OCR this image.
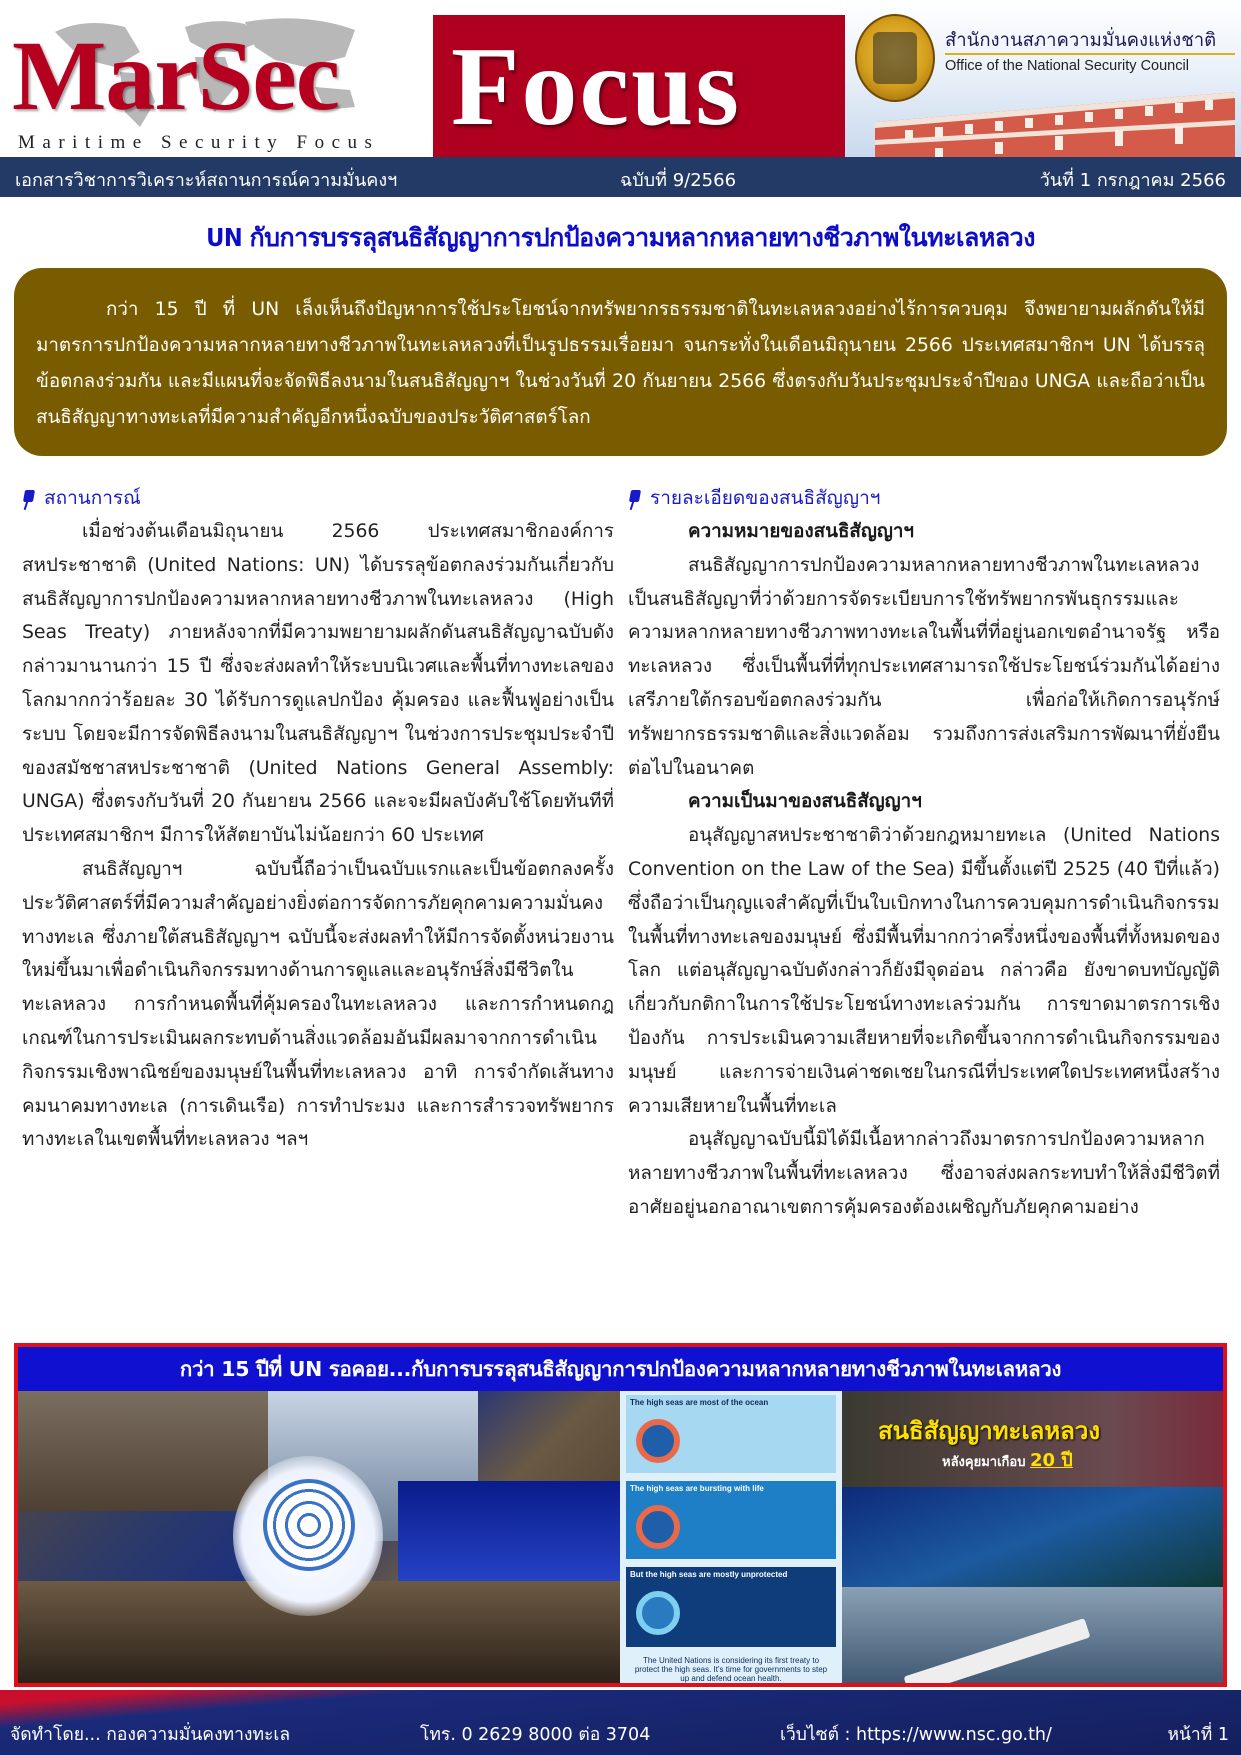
MarSec
Maritime Security Focus Focus	สำนักงานสภาความมั่นคงแห่งชาติ
Office of the National Security Council
เอกสารวิชาการวิเคราะห์สถานการณ์ความมั่นคงฯ	ฉบับที่ 9/2566	วันที่ 1 กรกฎาคม 2566
UN กับการบรรลุสนธิสัญญาการปกป้องความหลากหลายทางชีวภาพในทะเลหลวง

กว่า 15 ปี ที่ UN เล็งเห็นถึงปัญหาการใช้ประโยชน์จากทรัพยากรธรรมชาติในทะเลหลวงอย่างไร้การควบคุม จึงพยายามผลักดันให้มีมาตรการปกป้องความหลากหลายทางชีวภาพในทะเลหลวงที่เป็นรูปธรรมเรื่อยมา จนกระทั่งในเดือนมิถุนายน 2566 ประเทศสมาชิกฯ UN ได้บรรลุข้อตกลงร่วมกัน และมีแผนที่จะจัดพิธีลงนามในสนธิสัญญาฯ ในช่วงวันที่ 20 กันยายน 2566 ซึ่งตรงกับวันประชุมประจำปีของ UNGA และถือว่าเป็นสนธิสัญญาทางทะเลที่มีความสำคัญอีกหนึ่งฉบับของประวัติศาสตร์โลก

สถานการณ์

เมื่อช่วงต้นเดือนมิถุนายน 2566 ประเทศสมาชิกองค์การสหประชาชาติ (United Nations: UN) ได้บรรลุข้อตกลงร่วมกันเกี่ยวกับสนธิสัญญาการปกป้องความหลากหลายทางชีวภาพในทะเลหลวง (High Seas Treaty) ภายหลังจากที่มีความพยายามผลักดันสนธิสัญญาฉบับดังกล่าวมานานกว่า 15 ปี ซึ่งจะส่งผลทำให้ระบบนิเวศและพื้นที่ทางทะเลของโลกมากกว่าร้อยละ 30 ได้รับการดูแลปกป้อง คุ้มครอง และฟื้นฟูอย่างเป็นระบบ โดยจะมีการจัดพิธีลงนามในสนธิสัญญาฯ ในช่วงการประชุมประจำปีของสมัชชาสหประชาชาติ (United Nations General Assembly: UNGA) ซึ่งตรงกับวันที่ 20 กันยายน 2566 และจะมีผลบังคับใช้โดยทันทีที่ประเทศสมาชิกฯ มีการให้สัตยาบันไม่น้อยกว่า 60 ประเทศ

สนธิสัญญาฯ ฉบับนี้ถือว่าเป็นฉบับแรกและเป็นข้อตกลงครั้งประวัติศาสตร์ที่มีความสำคัญอย่างยิ่งต่อการจัดการภัยคุกคามความมั่นคงทางทะเล ซึ่งภายใต้สนธิสัญญาฯ ฉบับนี้จะส่งผลทำให้มีการจัดตั้งหน่วยงานใหม่ขึ้นมาเพื่อดำเนินกิจกรรมทางด้านการดูแลและอนุรักษ์สิ่งมีชีวิตในทะเลหลวง การกำหนดพื้นที่คุ้มครองในทะเลหลวง และการกำหนดกฎเกณฑ์ในการประเมินผลกระทบด้านสิ่งแวดล้อมอันมีผลมาจากการดำเนินกิจกรรมเชิงพาณิชย์ของมนุษย์ในพื้นที่ทะเลหลวง อาทิ การจำกัดเส้นทางคมนาคมทางทะเล (การเดินเรือ) การทำประมง และการสำรวจทรัพยากรทางทะเลในเขตพื้นที่ทะเลหลวง ฯลฯ

รายละเอียดของสนธิสัญญาฯ
ความหมายของสนธิสัญญาฯ

สนธิสัญญาการปกป้องความหลากหลายทางชีวภาพในทะเลหลวงเป็นสนธิสัญญาที่ว่าด้วยการจัดระเบียบการใช้ทรัพยากรพันธุกรรมและความหลากหลายทางชีวภาพทางทะเลในพื้นที่ที่อยู่นอกเขตอำนาจรัฐ หรือทะเลหลวง ซึ่งเป็นพื้นที่ที่ทุกประเทศสามารถใช้ประโยชน์ร่วมกันได้อย่างเสรีภายใต้กรอบข้อตกลงร่วมกัน เพื่อก่อให้เกิดการอนุรักษ์ทรัพยากรธรรมชาติและสิ่งแวดล้อม รวมถึงการส่งเสริมการพัฒนาที่ยั่งยืนต่อไปในอนาคต

ความเป็นมาของสนธิสัญญาฯ

อนุสัญญาสหประชาชาติว่าด้วยกฎหมายทะเล (United Nations Convention on the Law of the Sea) มีขึ้นตั้งแต่ปี 2525 (40 ปีที่แล้ว) ซึ่งถือว่าเป็นกุญแจสำคัญที่เป็นใบเบิกทางในการควบคุมการดำเนินกิจกรรมในพื้นที่ทางทะเลของมนุษย์ ซึ่งมีพื้นที่มากกว่าครึ่งหนึ่งของพื้นที่ทั้งหมดของโลก แต่อนุสัญญาฉบับดังกล่าวก็ยังมีจุดอ่อน กล่าวคือ ยังขาดบทบัญญัติเกี่ยวกับกติกาในการใช้ประโยชน์ทางทะเลร่วมกัน การขาดมาตรการเชิงป้องกัน การประเมินความเสียหายที่จะเกิดขึ้นจากการดำเนินกิจกรรมของมนุษย์ และการจ่ายเงินค่าชดเชยในกรณีที่ประเทศใดประเทศหนึ่งสร้างความเสียหายในพื้นที่ทะเล

อนุสัญญาฉบับนี้มิได้มีเนื้อหากล่าวถึงมาตรการปกป้องความหลากหลายทางชีวภาพในพื้นที่ทะเลหลวง ซึ่งอาจส่งผลกระทบทำให้สิ่งมีชีวิตที่อาศัยอยู่นอกอาณาเขตการคุ้มครองต้องเผชิญกับภัยคุกคามอย่าง

กว่า 15 ปีที่ UN รอคอย...กับการบรรลุสนธิสัญญาการปกป้องความหลากหลายทางชีวภาพในทะเลหลวง
The high seas are most of the ocean
The high seas are bursting with life
But the high seas are mostly unprotected
The United Nations is considering its first treaty to protect the high seas. It's time for governments to step up and defend ocean health.
สนธิสัญญาทะเลหลวง
หลังคุยมาเกือบ 20 ปี
จัดทำโดย... กองความมั่นคงทางทะเล	โทร. 0 2629 8000 ต่อ 3704	เว็บไซต์ : https://www.nsc.go.th/	หน้าที่ 1
